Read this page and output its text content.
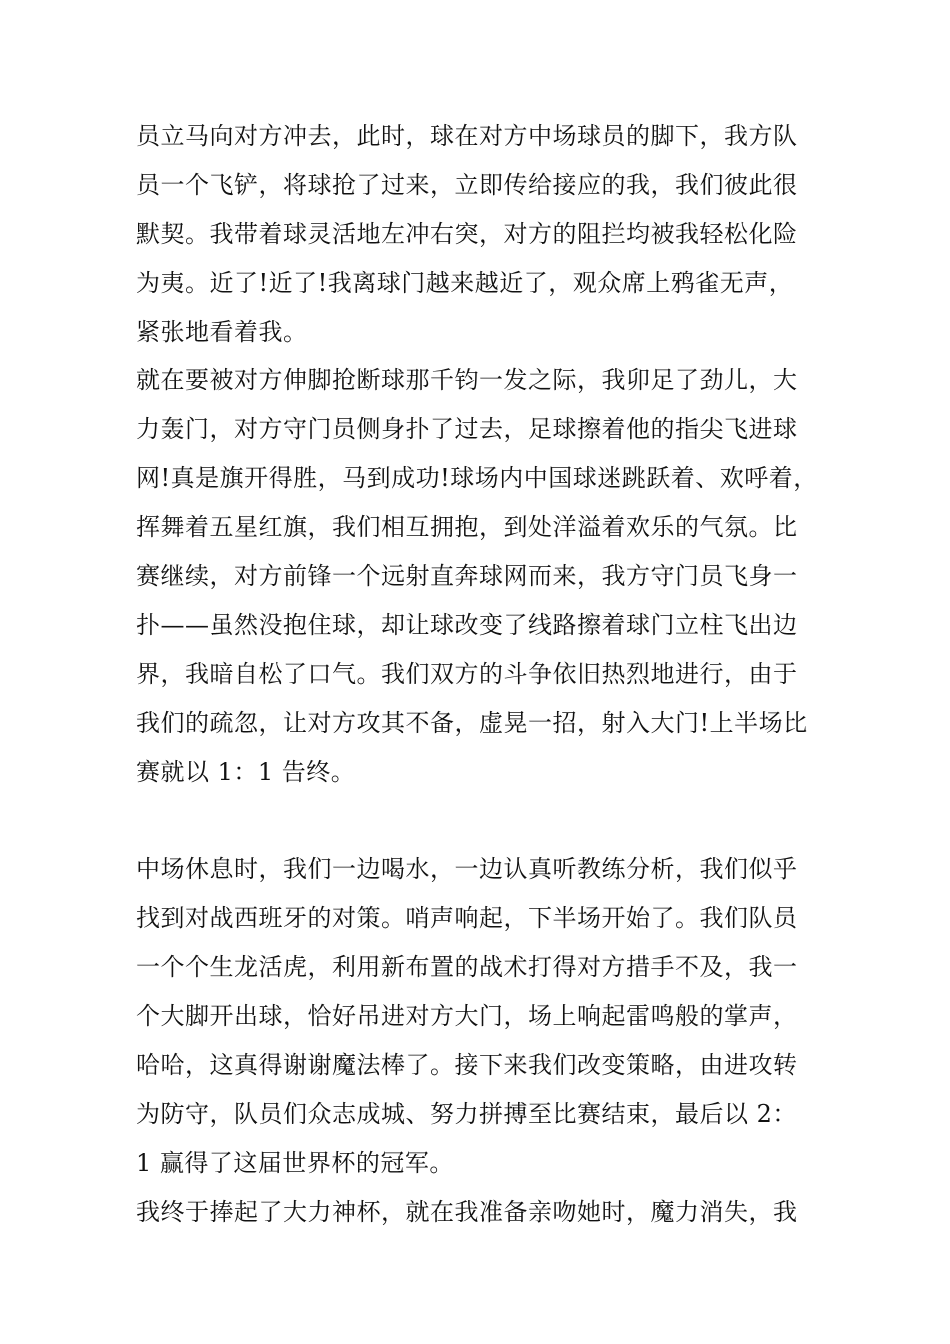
员立马向对方冲去，此时，球在对方中场球员的脚下，我方队
员一个飞铲，将球抢了过来，立即传给接应的我，我们彼此很
默契。我带着球灵活地左冲右突，对方的阻拦均被我轻松化险
为夷。近了!近了!我离球门越来越近了，观众席上鸦雀无声，
紧张地看着我。
就在要被对方伸脚抢断球那千钧一发之际，我卯足了劲儿，大
力轰门，对方守门员侧身扑了过去，足球擦着他的指尖飞进球
网!真是旗开得胜，马到成功!球场内中国球迷跳跃着、欢呼着，
挥舞着五星红旗，我们相互拥抱，到处洋溢着欢乐的气氛。比
赛继续，对方前锋一个远射直奔球网而来，我方守门员飞身一
扑——虽然没抱住球，却让球改变了线路擦着球门立柱飞出边
界，我暗自松了口气。我们双方的斗争依旧热烈地进行，由于
我们的疏忽，让对方攻其不备，虚晃一招，射入大门!上半场比
赛就以 1：1 告终。
中场休息时，我们一边喝水，一边认真听教练分析，我们似乎
找到对战西班牙的对策。哨声响起，下半场开始了。我们队员
一个个生龙活虎，利用新布置的战术打得对方措手不及，我一
个大脚开出球，恰好吊进对方大门，场上响起雷鸣般的掌声，
哈哈，这真得谢谢魔法棒了。接下来我们改变策略，由进攻转
为防守，队员们众志成城、努力拼搏至比赛结束，最后以 2：
1 赢得了这届世界杯的冠军。
我终于捧起了大力神杯，就在我准备亲吻她时，魔力消失，我
